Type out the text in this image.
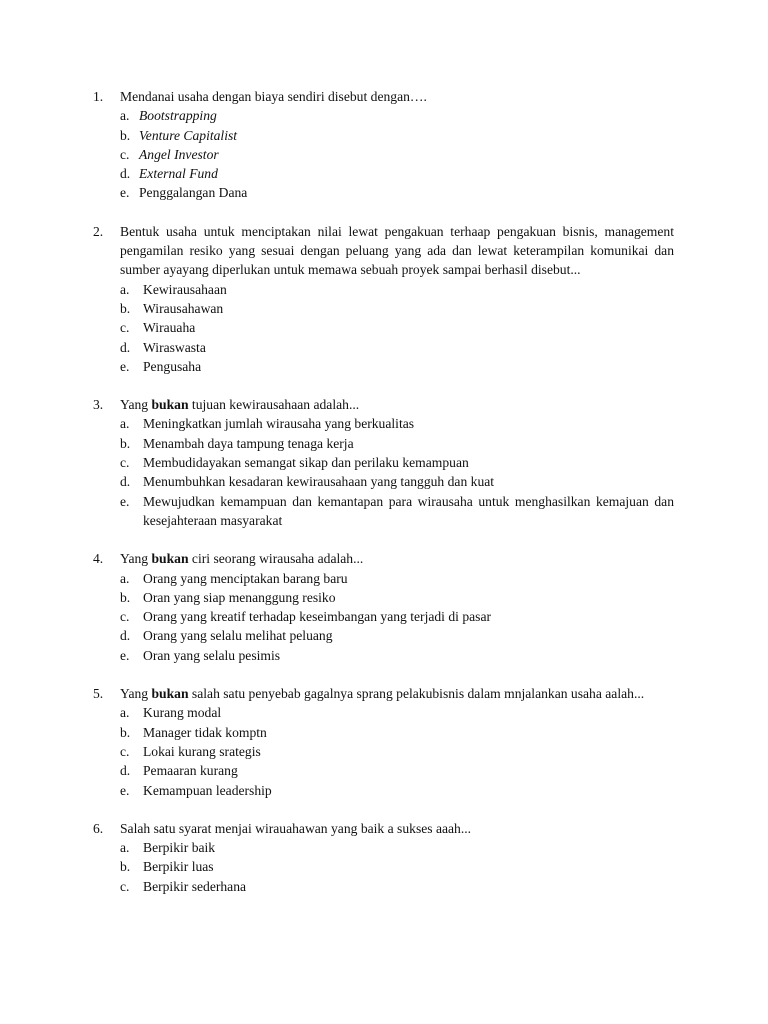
1.	Mendanai usaha dengan biaya sendiri disebut dengan….
a. Bootstrapping
b. Venture Capitalist
c. Angel Investor
d. External Fund
e. Penggalangan Dana
2.	Bentuk usaha untuk menciptakan nilai lewat pengakuan terhaap pengakuan bisnis, management pengamilan resiko yang sesuai dengan peluang yang ada dan lewat keterampilan komunikai dan sumber ayayang diperlukan untuk memawa sebuah proyek sampai berhasil disebut...
a. Kewirausahaan
b. Wirausahawan
c. Wirauaha
d. Wiraswasta
e. Pengusaha
3.	Yang bukan tujuan kewirausahaan adalah...
a. Meningkatkan jumlah wirausaha yang berkualitas
b. Menambah daya tampung tenaga kerja
c. Membudidayakan semangat sikap dan perilaku kemampuan
d. Menumbuhkan kesadaran kewirausahaan yang tangguh dan kuat
e. Mewujudkan kemampuan dan kemantapan para wirausaha untuk menghasilkan kemajuan dan kesejahteraan masyarakat
4.	Yang bukan ciri seorang wirausaha adalah...
a. Orang yang menciptakan barang baru
b. Oran yang siap menanggung resiko
c. Orang yang kreatif terhadap keseimbangan yang terjadi di pasar
d. Orang yang selalu melihat peluang
e. Oran yang selalu pesimis
5.	Yang bukan salah satu penyebab gagalnya sprang pelakubisnis dalam mnjalankan usaha aalah...
a. Kurang modal
b. Manager tidak komptn
c. Lokai kurang srategis
d. Pemaaran kurang
e. Kemampuan leadership
6.	Salah satu syarat menjai wirauahawan yang baik a sukses aaah...
a. Berpikir baik
b. Berpikir luas
c. Berpikir sederhana
